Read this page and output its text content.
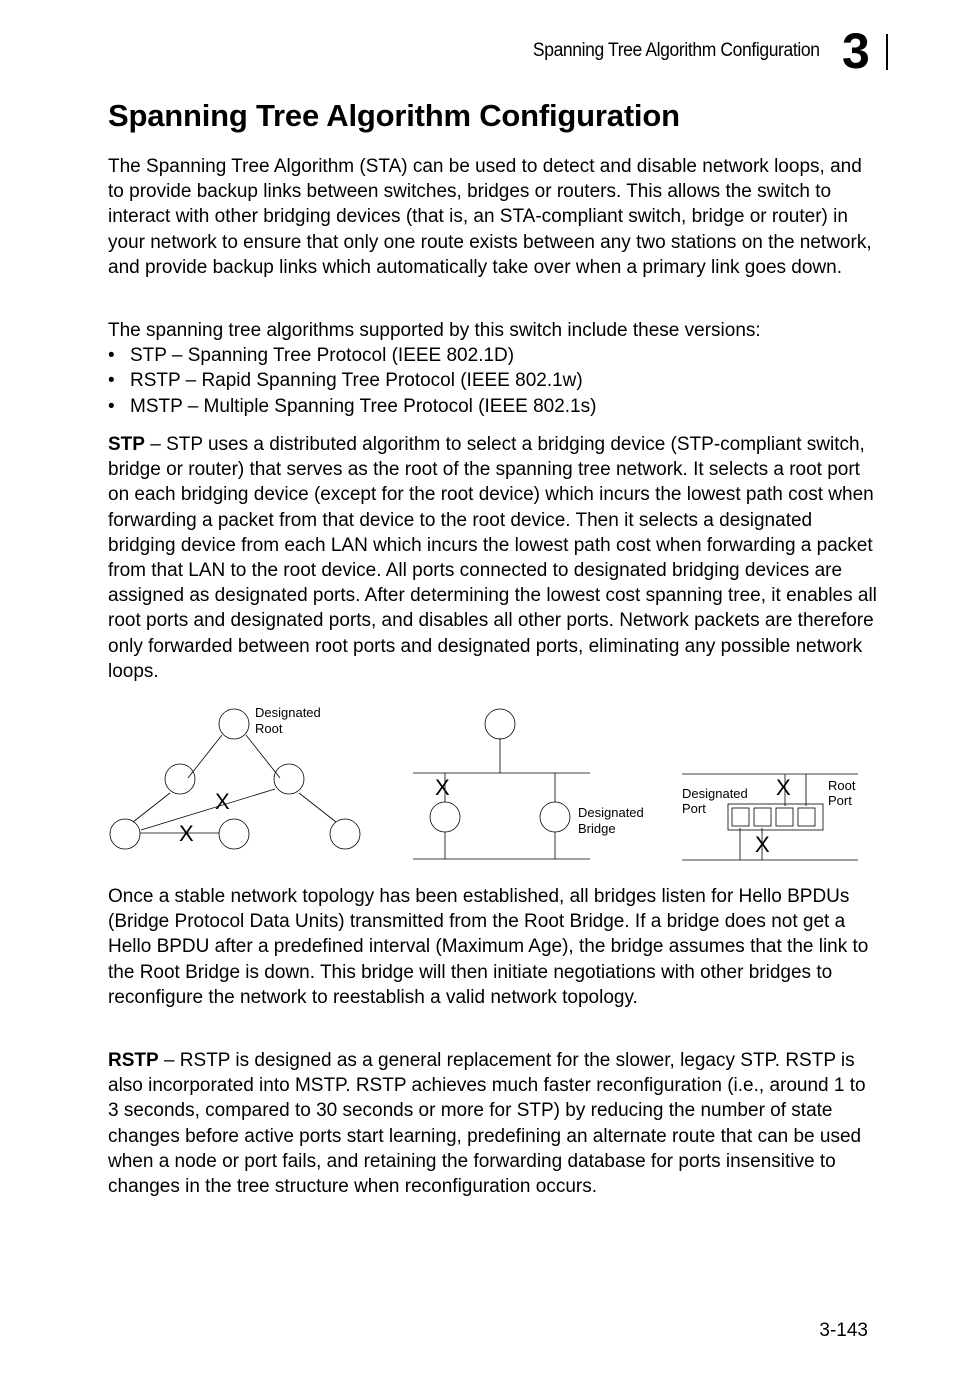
Spanning Tree Algorithm Configuration 3
Spanning Tree Algorithm Configuration

The Spanning Tree Algorithm (STA) can be used to detect and disable network loops, and to provide backup links between switches, bridges or routers. This allows the switch to interact with other bridging devices (that is, an STA-compliant switch, bridge or router) in your network to ensure that only one route exists between any two stations on the network, and provide backup links which automatically take over when a primary link goes down.

The spanning tree algorithms supported by this switch include these versions:

• STP – Spanning Tree Protocol (IEEE 802.1D)
• RSTP – Rapid Spanning Tree Protocol (IEEE 802.1w)
• MSTP – Multiple Spanning Tree Protocol (IEEE 802.1s)

STP – STP uses a distributed algorithm to select a bridging device (STP-compliant switch, bridge or router) that serves as the root of the spanning tree network. It selects a root port on each bridging device (except for the root device) which incurs the lowest path cost when forwarding a packet from that device to the root device. Then it selects a designated bridging device from each LAN which incurs the lowest path cost when forwarding a packet from that LAN to the root device. All ports connected to designated bridging devices are assigned as designated ports. After determining the lowest cost spanning tree, it enables all root ports and designated ports, and disables all other ports. Network packets are therefore only forwarded between root ports and designated ports, eliminating any possible network loops.

Designated
Root
Designated
Bridge
Designated
Port
Root
Port
X
X
X	X
X

Once a stable network topology has been established, all bridges listen for Hello BPDUs (Bridge Protocol Data Units) transmitted from the Root Bridge. If a bridge does not get a Hello BPDU after a predefined interval (Maximum Age), the bridge assumes that the link to the Root Bridge is down. This bridge will then initiate negotiations with other bridges to reconfigure the network to reestablish a valid network topology.

RSTP – RSTP is designed as a general replacement for the slower, legacy STP. RSTP is also incorporated into MSTP. RSTP achieves much faster reconfiguration (i.e., around 1 to 3 seconds, compared to 30 seconds or more for STP) by reducing the number of state changes before active ports start learning, predefining an alternate route that can be used when a node or port fails, and retaining the forwarding database for ports insensitive to changes in the tree structure when reconfiguration occurs.

3-143
